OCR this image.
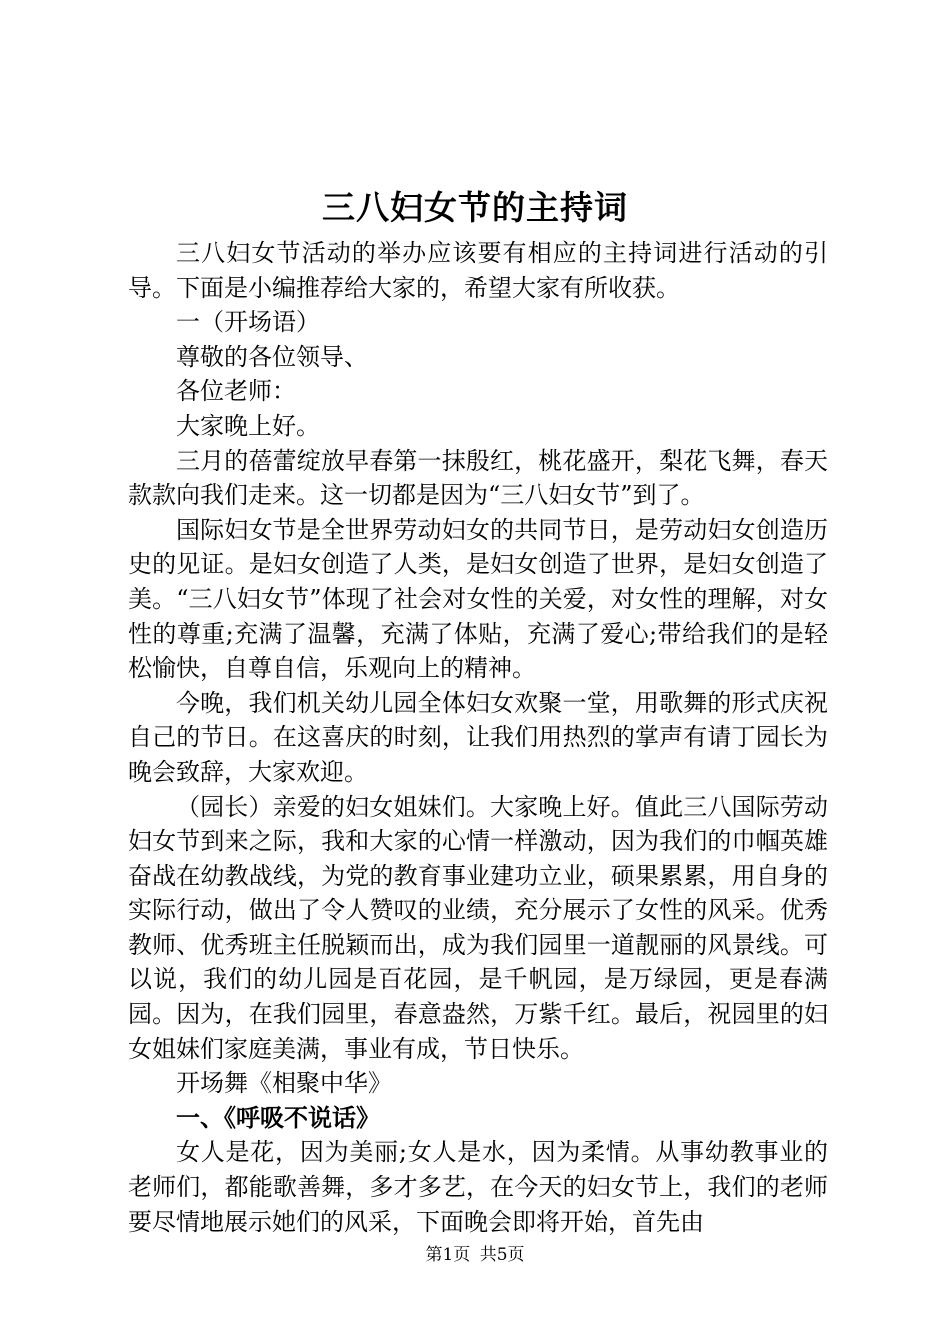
三八妇女节的主持词

三八妇女节活动的举办应该要有相应的主持词进行活动的引导。下面是小编推荐给大家的，希望大家有所收获。

一（开场语）

尊敬的各位领导、

各位老师：

大家晚上好。

三月的蓓蕾绽放早春第一抹殷红，桃花盛开，梨花飞舞，春天款款向我们走来。这一切都是因为“三八妇女节”到了。

国际妇女节是全世界劳动妇女的共同节日，是劳动妇女创造历史的见证。是妇女创造了人类，是妇女创造了世界，是妇女创造了美。“三八妇女节”体现了社会对女性的关爱，对女性的理解，对女性的尊重;充满了温馨，充满了体贴，充满了爱心;带给我们的是轻松愉快，自尊自信，乐观向上的精神。

今晚，我们机关幼儿园全体妇女欢聚一堂，用歌舞的形式庆祝自己的节日。在这喜庆的时刻，让我们用热烈的掌声有请丁园长为晚会致辞，大家欢迎。

（园长）亲爱的妇女姐妹们。大家晚上好。值此三八国际劳动妇女节到来之际，我和大家的心情一样激动，因为我们的巾帼英雄奋战在幼教战线，为党的教育事业建功立业，硕果累累，用自身的实际行动，做出了令人赞叹的业绩，充分展示了女性的风采。优秀教师、优秀班主任脱颖而出，成为我们园里一道靓丽的风景线。可以说，我们的幼儿园是百花园，是千帆园，是万绿园，更是春满园。因为，在我们园里，春意盎然，万紫千红。最后，祝园里的妇女姐妹们家庭美满，事业有成，节日快乐。

开场舞《相聚中华》

一、《呼吸不说话》

女人是花，因为美丽;女人是水，因为柔情。从事幼教事业的老师们，都能歌善舞，多才多艺，在今天的妇女节上，我们的老师要尽情地展示她们的风采，下面晚会即将开始，首先由

第1页 共5页
